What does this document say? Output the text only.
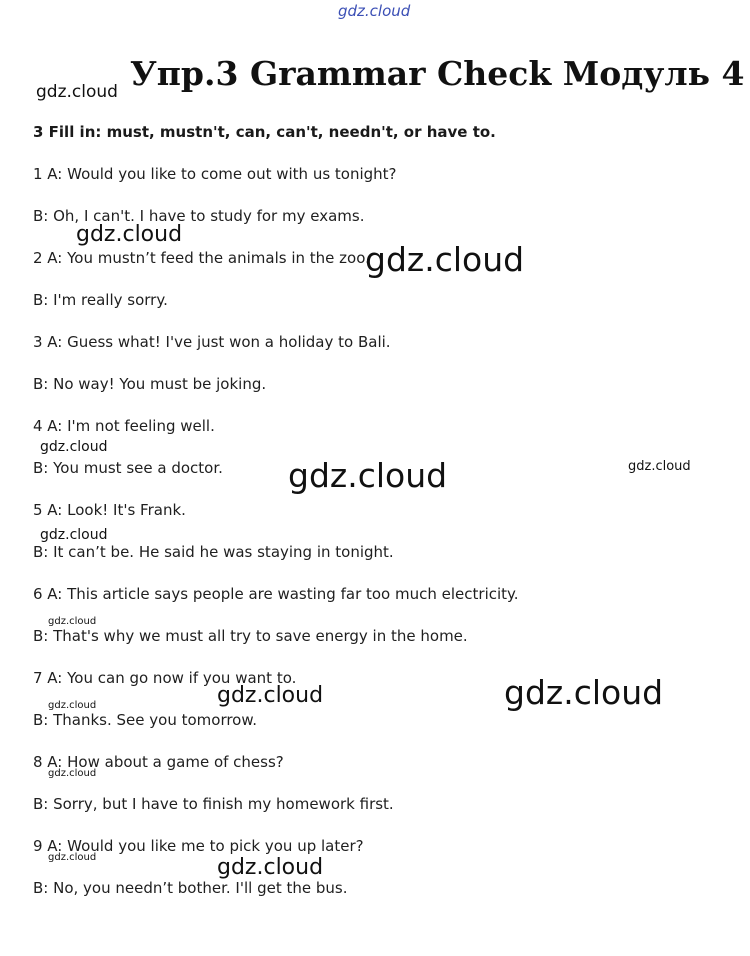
gdz.cloud
Упр.3 Grammar Check Модуль 4
gdz.cloud
3 Fill in: must, mustn't, can, can't, needn't, or have to.
1 A: Would you like to come out with us tonight?
B: Oh, I can't. I have to study for my exams.
2 A: You mustn’t feed the animals in the zoo.
B: I'm really sorry.
3 A: Guess what! I've just won a holiday to Bali.
B: No way! You must be joking.
4 A: I'm not feeling well.
B: You must see a doctor.
5 A: Look! It's Frank.
B: It can’t be. He said he was staying in tonight.
6 A: This article says people are wasting far too much electricity.
B: That's why we must all try to save energy in the home.
7 A: You can go now if you want to.
B: Thanks. See you tomorrow.
8 A: How about a game of chess?
B: Sorry, but I have to finish my homework first.
9 A: Would you like me to pick you up later?
B: No, you needn’t bother. I'll get the bus.
gdz.cloud
gdz.cloud
gdz.cloud
gdz.cloud	gdz.cloud
gdz.cloud
gdz.cloud
gdz.cloud	gdz.cloud
gdz.cloud
gdz.cloud
gdz.cloud	gdz.cloud
